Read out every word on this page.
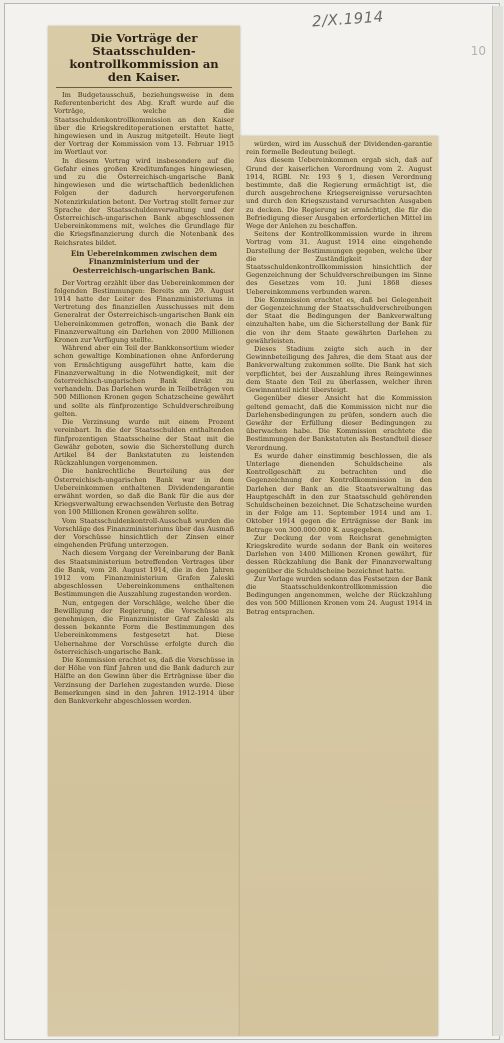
2/X.1914
10
Die Vorträge der Staatsschulden-kontrollkommission an den Kaiser.

Im Budgetausschuß, beziehungsweise in dem Referentenbericht des Abg. Kraft wurde auf die Vorträge, welche die Staatsschuldenkontrollkommission an den Kaiser über die Kriegskreditoperationen erstattet hatte, hingewiesen und in Auszug mitgeteilt. Heute liegt der Vortrag der Kommission vom 13. Februar 1915 im Wortlaut vor.

In diesem Vortrag wird insbesondere auf die Gefahr eines großen Kreditumfanges hingewiesen, und zu die Österreichisch-ungarische Bank hingewiesen und die wirtschaftlich bedenklichen Folgen der dadurch hervorgerufenen Notenzirkulation betont. Der Vortrag stellt ferner zur Sprache der Staatsschuldenverwaltung und der Österreichisch-ungarischen Bank abgeschlossenen Uebereinkommens mit, welches die Grundlage für die Kriegsfinanzierung durch die Notenbank des Reichsrates bildet.

Ein Uebereinkommen zwischen dem Finanzministerium und der Oesterreichisch-ungarischen Bank.

Der Vortrag erzählt über das Uebereinkommen der folgenden Bestimmungen: Bereits am 29. August 1914 hatte der Leiter des Finanzministeriums in Vertretung des finanziellen Ausschusses mit dem Generalrat der Österreichisch-ungarischen Bank ein Uebereinkommen getroffen, wonach die Bank der Finanzverwaltung ein Darlehen von 2000 Millionen Kronen zur Verfügung stellte.

Während aber ein Teil der Bankkonsortium wieder schon gewaltige Kombinationen ohne Anforderung von Ermächtigung ausgeführt hatte, kam die Finanzverwaltung in die Notwendigkeit, mit der österreichisch-ungarischen Bank direkt zu verhandeln. Das Darlehen wurde in Teilbeträgen von 500 Millionen Kronen gegen Schatzscheine gewährt und sollte als fünfprozentige Schuldverschreibung gelten.

Die Verzinsung wurde mit einem Prozent vereinbart. In die der Staatsschulden enthaltenden fünfprozentigen Staatsscheine der Staat mit die Gewähr geboten, sowie die Sicherstellung durch Artikel 84 der Bankstatuten zu leistenden Rückzahlungen vorgenommen.

Die bankrechtliche Beurteilung aus der Österreichisch-ungarischen Bank war in dem Uebereinkommen enthaltenen Dividendengarantie erwähnt worden, so daß die Bank für die aus der Kriegsverwaltung erwachsenden Verluste den Betrag von 100 Millionen Kronen gewähren sollte.

Vom Staatsschuldenkontroll-Ausschuß wurden die Vorschläge des Finanzministeriums über das Ausmaß der Vorschüsse hinsichtlich der Zinsen einer eingehenden Prüfung unterzogen.

Nach diesem Vorgang der Vereinbarung der Bank des Staatsministerium betreffenden Vertrages über die Bank, vom 28. August 1914, die in den Jahren 1912 vom Finanzministerium Grafen Zaleski abgeschlossen Uebereinkommens enthaltenen Bestimmungen die Auszahlung zugestanden worden.

Nun, entgegen der Vorschläge, welche über die Bewilligung der Regierung, die Vorschüsse zu genehmigen, die Finanzminister Graf Zaleski als dessen bekannte Form die Bestimmungen des Uebereinkommens festgesetzt hat. Diese Uebernahme der Vorschüsse erfolgte durch die österreichisch-ungarische Bank.

Die Kommission erachtet es, daß die Vorschüsse in der Höhe von fünf Jahren und die Bank dadurch zur Hälfte an den Gewinn über die Erträgnisse über die Verzinsung der Darlehen zugestanden wurde. Diese Bemerkungen sind in den Jahren 1912-1914 über den Bankverkehr abgeschlossen worden.

würden, wird im Ausschuß der Dividenden-garantie rein formelle Bedeutung beilegt.

Aus diesem Uebereinkommen ergab sich, daß auf Grund der kaiserlichen Verordnung vom 2. August 1914, RGBl. Nr. 193 § 1, diesen Verordnung bestimmte, daß die Regierung ermächtigt ist, die durch ausgebrochene Kriegsereignisse verursachten und durch den Kriegszustand verursachten Ausgaben zu decken. Die Regierung ist ermächtigt, die für die Befriedigung dieser Ausgaben erforderlichen Mittel im Wege der Anlehen zu beschaffen.

Seitens der Kontrollkommission wurde in ihrem Vortrag vom 31. August 1914 eine eingehende Darstellung der Bestimmungen gegeben, welche über die Zuständigkeit der Staatsschuldenkontrollkommission hinsichtlich der Gegenzeichnung der Schuldverschreibungen im Sinne des Gesetzes vom 10. Juni 1868 dieses Uebereinkommens verbunden waren.

Die Kommission erachtet es, daß bei Gelegenheit der Gegenzeichnung der Staatsschuldverschreibungen der Staat die Bedingungen der Bankverwaltung einzuhalten habe, um die Sicherstellung der Bank für die von ihr dem Staate gewährten Darlehen zu gewährleisten.

Dieses Stadium zeigte sich auch in der Gewinnbeteiligung des Jahres, die dem Staat aus der Bankverwaltung zukommen sollte. Die Bank hat sich verpflichtet, bei der Auszahlung ihres Reingewinnes dem Staate den Teil zu überlassen, welcher ihren Gewinnanteil nicht übersteigt.

Gegenüber dieser Ansicht hat die Kommission geltend gemacht, daß die Kommission nicht nur die Darlehensbedingungen zu prüfen, sondern auch die Gewähr der Erfüllung dieser Bedingungen zu überwachen habe. Die Kommission erachtete die Bestimmungen der Bankstatuten als Bestandteil dieser Verordnung.

Es wurde daher einstimmig beschlossen, die als Unterlage dienenden Schuldscheine als Kontrollgeschäft zu betrachten und die Gegenzeichnung der Kontrollkommission in den Darlehen der Bank an die Staatsverwaltung das Hauptgeschäft in den zur Staatsschuld gehörenden Schuldscheinen bezeichnet. Die Schatzscheine wurden in der Folge am 11. September 1914 und am 1. Oktober 1914 gegen die Erträgnisse der Bank im Betrage von 300.000.000 K. ausgegeben.

Zur Deckung der vom Reichsrat genehmigten Kriegskredite wurde sodann der Bank ein weiteres Darlehen von 1400 Millionen Kronen gewährt, für dessen Rückzahlung die Bank der Finanzverwaltung gegenüber die Schuldscheine bezeichnet hatte.

Zur Vorlage wurden sodann das Festsetzen der Bank die Staatsschuldenkontrollkommission die Bedingungen angenommen, welche der Rückzahlung des von 500 Millionen Kronen vom 24. August 1914 in Betrag entsprachen.
